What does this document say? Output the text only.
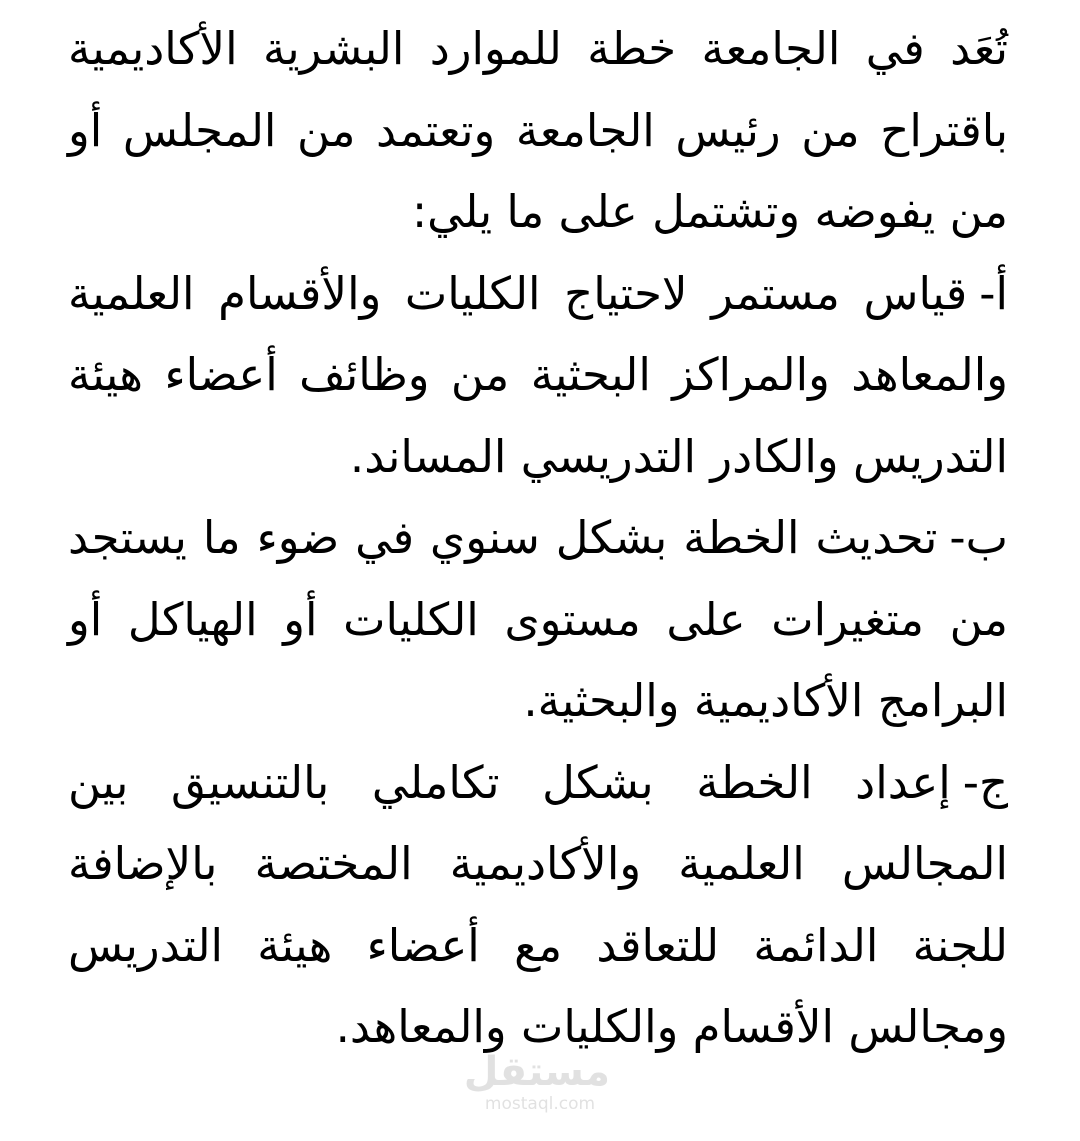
تُعَد في الجامعة خطة للموارد البشرية الأكاديمية باقتراح من رئيس الجامعة وتعتمد من المجلس أو من يفوضه وتشتمل على ما يلي:

أ-قياس مستمر لاحتياج الكليات والأقسام العلمية والمعاهد والمراكز البحثية من وظائف أعضاء هيئة التدريس والكادر التدريسي المساند.

ب-تحديث الخطة بشكل سنوي في ضوء ما يستجد من متغيرات على مستوى الكليات أو الهياكل أو البرامج الأكاديمية والبحثية.

ج-إعداد الخطة بشكل تكاملي بالتنسيق بين المجالس العلمية والأكاديمية المختصة بالإضافة للجنة الدائمة للتعاقد مع أعضاء هيئة التدريس ومجالس الأقسام والكليات والمعاهد.

مستقل
mostaql.com
